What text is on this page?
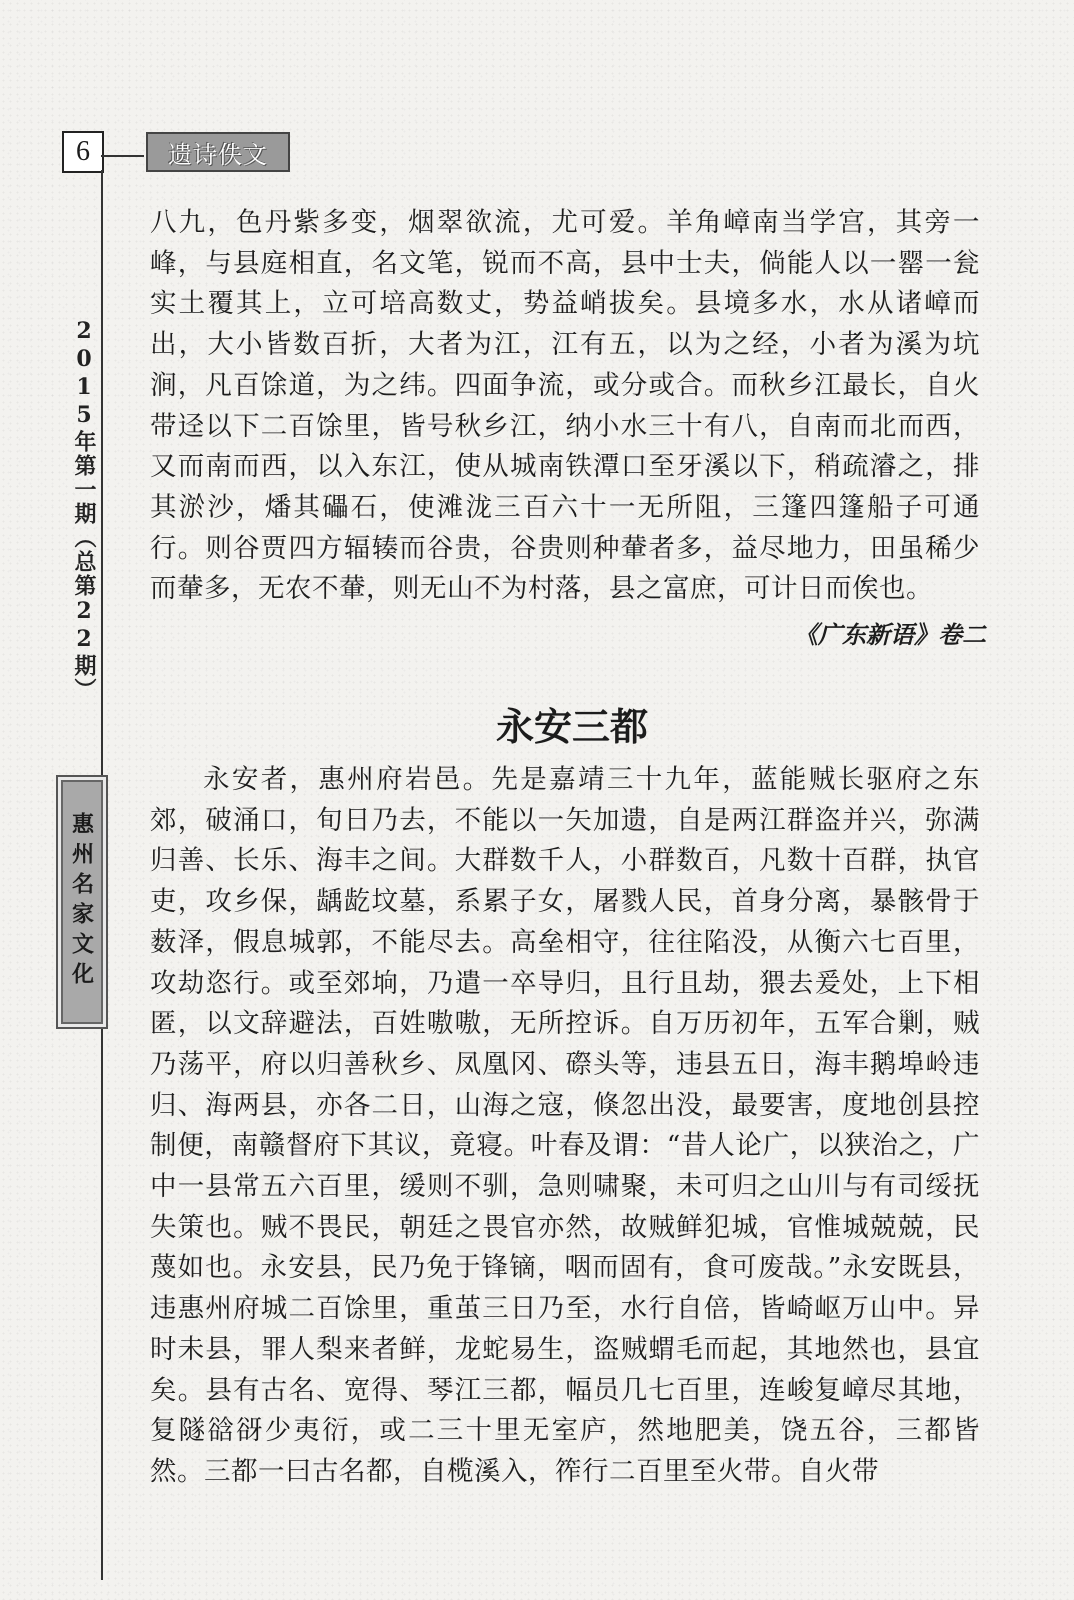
6	遗诗佚文
2015年第一期（总第22期）
惠州名家文化

八九，色丹紫多变，烟翠欲流，尤可爱。羊角嶂南当学宫，其旁一峰，与县庭相直，名文笔，锐而不高，县中士夫，倘能人以一罂一瓮实土覆其上，立可培高数丈，势益峭拔矣。县境多水，水从诸嶂而出，大小皆数百折，大者为江，江有五，以为之经，小者为溪为坑涧，凡百馀道，为之纬。四面争流，或分或合。而秋乡江最长，自火带迳以下二百馀里，皆号秋乡江，纳小水三十有八，自南而北而西，又而南而西，以入东江，使从城南铁潭口至牙溪以下，稍疏濬之，排其淤沙，燔其礧石，使滩泷三百六十一无所阻，三篷四篷船子可通行。则谷贾四方辐辏而谷贵，谷贵则种輂者多，益尽地力，田虽稀少而輂多，无农不輂，则无山不为村落，县之富庶，可计日而俟也。

《广东新语》卷二
永安三都

永安者，惠州府岩邑。先是嘉靖三十九年，蓝能贼长驱府之东郊，破涌口，旬日乃去，不能以一矢加遗，自是两江群盗并兴，弥满归善、长乐、海丰之间。大群数千人，小群数百，凡数十百群，执官吏，攻乡保，龋龁坟墓，系累子女，屠戮人民，首身分离，暴骸骨于薮泽，假息城郭，不能尽去。高垒相守，往往陷没，从衡六七百里，攻劫恣行。或至郊垧，乃遣一卒导归，且行且劫，猥去爰处，上下相匿，以文辞避法，百姓嗷嗷，无所控诉。自万历初年，五军合剿，贼乃荡平，府以归善秋乡、凤凰冈、磜头等，违县五日，海丰鹅埠岭违归、海两县，亦各二日，山海之寇，倏忽出没，最要害，度地创县控制便，南赣督府下其议，竟寝。叶春及谓：“昔人论广，以狭治之，广中一县常五六百里，缓则不驯，急则啸聚，未可归之山川与有司绥抚失策也。贼不畏民，朝廷之畏官亦然，故贼鲜犯城，官惟城兢兢，民蔑如也。永安县，民乃免于锋镝，咽而固有，食可废哉。”永安既县，违惠州府城二百馀里，重茧三日乃至，水行自倍，皆崎岖万山中。异时未县，罪人梨来者鲜，龙蛇易生，盗贼蝟毛而起，其地然也，县宜矣。县有古名、宽得、琴江三都，幅员几七百里，连峻复嶂尽其地，复隧谽谺少夷衍，或二三十里无室庐，然地肥美，饶五谷，三都皆然。三都一曰古名都，自榄溪入，筰行二百里至火带。自火带
